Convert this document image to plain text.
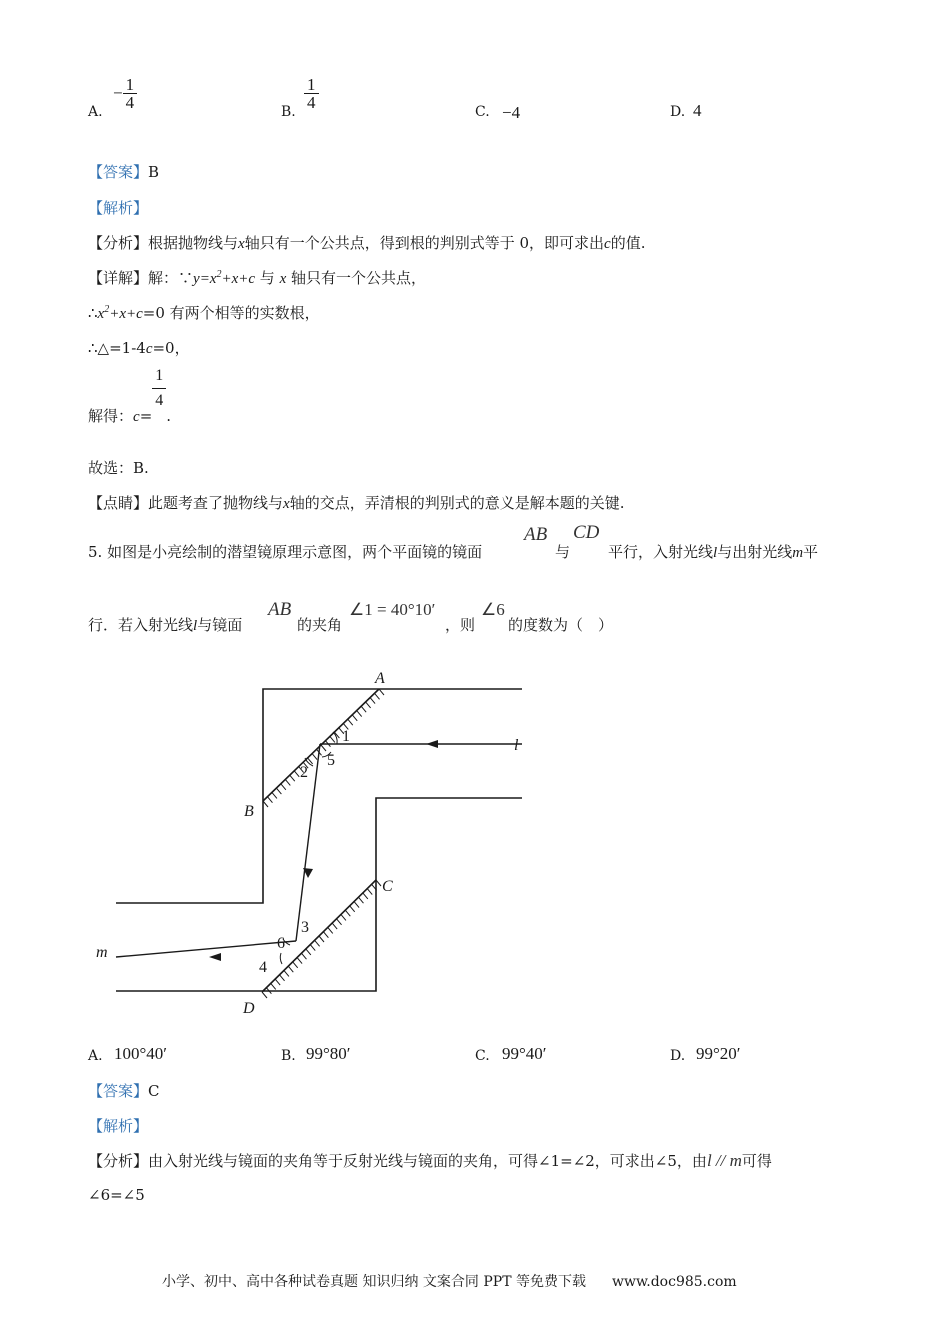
A.
− $\frac{1}{4}$
B.
$\frac{1}{4}$
C. −4	D. 4
【答案】B
【解析】
【分析】根据抛物线与x轴只有一个公共点，得到根的判别式等于 0，即可求出c的值.
【详解】解：$\because y=x^2+x+c$ 与 x 轴只有一个公共点，
$\therefore x^2+x+c=0$ 有两个相等的实数根，
∴△=1-4c=0，
解得：c=
$\frac{1}{4}$
.
故选：B.
【点睛】此题考查了抛物线与x轴的交点，弄清根的判别式的意义是解本题的关键.
5. 如图是小亮绘制的潜望镜原理示意图，两个平面镜的镜面
AB
与
CD
平行，入射光线l与出射光线m平
行．若入射光线l与镜面
AB
的夹角
∠1 = 40°10′
，则
∠6
的度数为（　）
A
B
C
D
l
m
1
2
3
4
5
6
A. 100°40′	B. 99°80′	C. 99°40′	D. 99°20′
【答案】C
【解析】
【分析】由入射光线与镜面的夹角等于反射光线与镜面的夹角，可得∠1=∠2，可求出∠5，由l // m可得
∠6=∠5
小学、初中、高中各种试卷真题 知识归纳 文案合同 PPT 等免费下载 www.doc985.com
